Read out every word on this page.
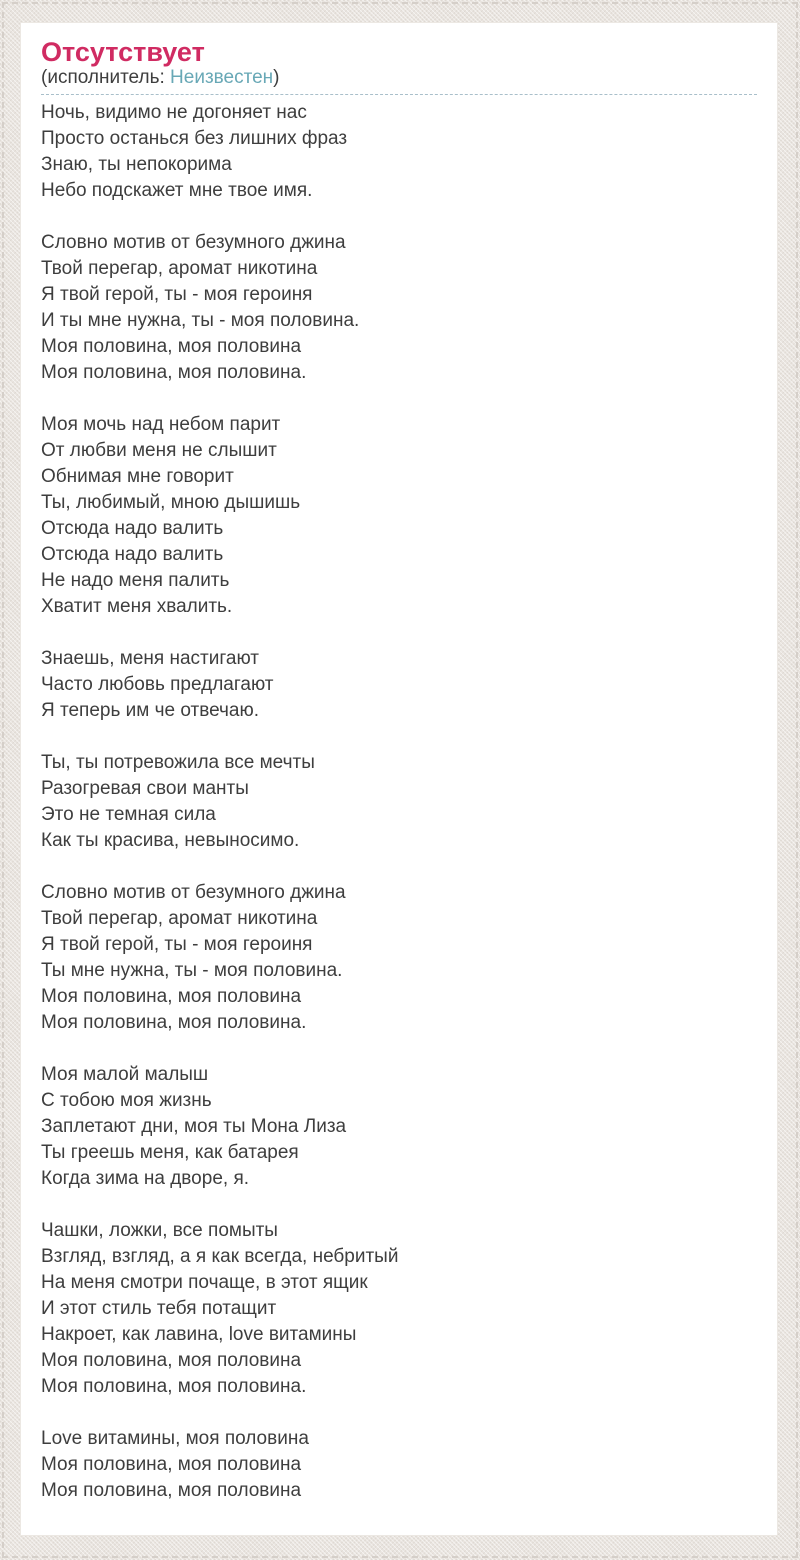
Отсутствует
(исполнитель: Неизвестен)

Ночь, видимо не догоняет нас
Просто останься без лишних фраз
Знаю, ты непокорима
Небо подскажет мне твое имя.

Словно мотив от безумного джина
Твой перегар, аромат никотина
Я твой герой, ты - моя героиня
И ты мне нужна, ты - моя половина.
Моя половина, моя половина
Моя половина, моя половина.

Моя мочь над небом парит
От любви меня не слышит
Обнимая мне говорит
Ты, любимый, мною дышишь
Отсюда надо валить
Отсюда надо валить
Не надо меня палить
Хватит меня хвалить.

Знаешь, меня настигают
Часто любовь предлагают
Я теперь им че отвечаю.

Ты, ты потревожила все мечты
Разогревая свои манты
Это не темная сила
Как ты красива, невыносимо.

Словно мотив от безумного джина
Твой перегар, аромат никотина
Я твой герой, ты - моя героиня
Ты мне нужна, ты - моя половина.
Моя половина, моя половина
Моя половина, моя половина.

Моя малой малыш
С тобою моя жизнь
Заплетают дни, моя ты Мона Лиза
Ты греешь меня, как батарея
Когда зима на дворе, я.

Чашки, ложки, все помыты
Взгляд, взгляд, а я как всегда, небритый
На меня смотри почаще, в этот ящик
И этот стиль тебя потащит
Накроет, как лавина, love витамины
Моя половина, моя половина
Моя половина, моя половина.

Love витамины, моя половина
Моя половина, моя половина
Моя половина, моя половина
